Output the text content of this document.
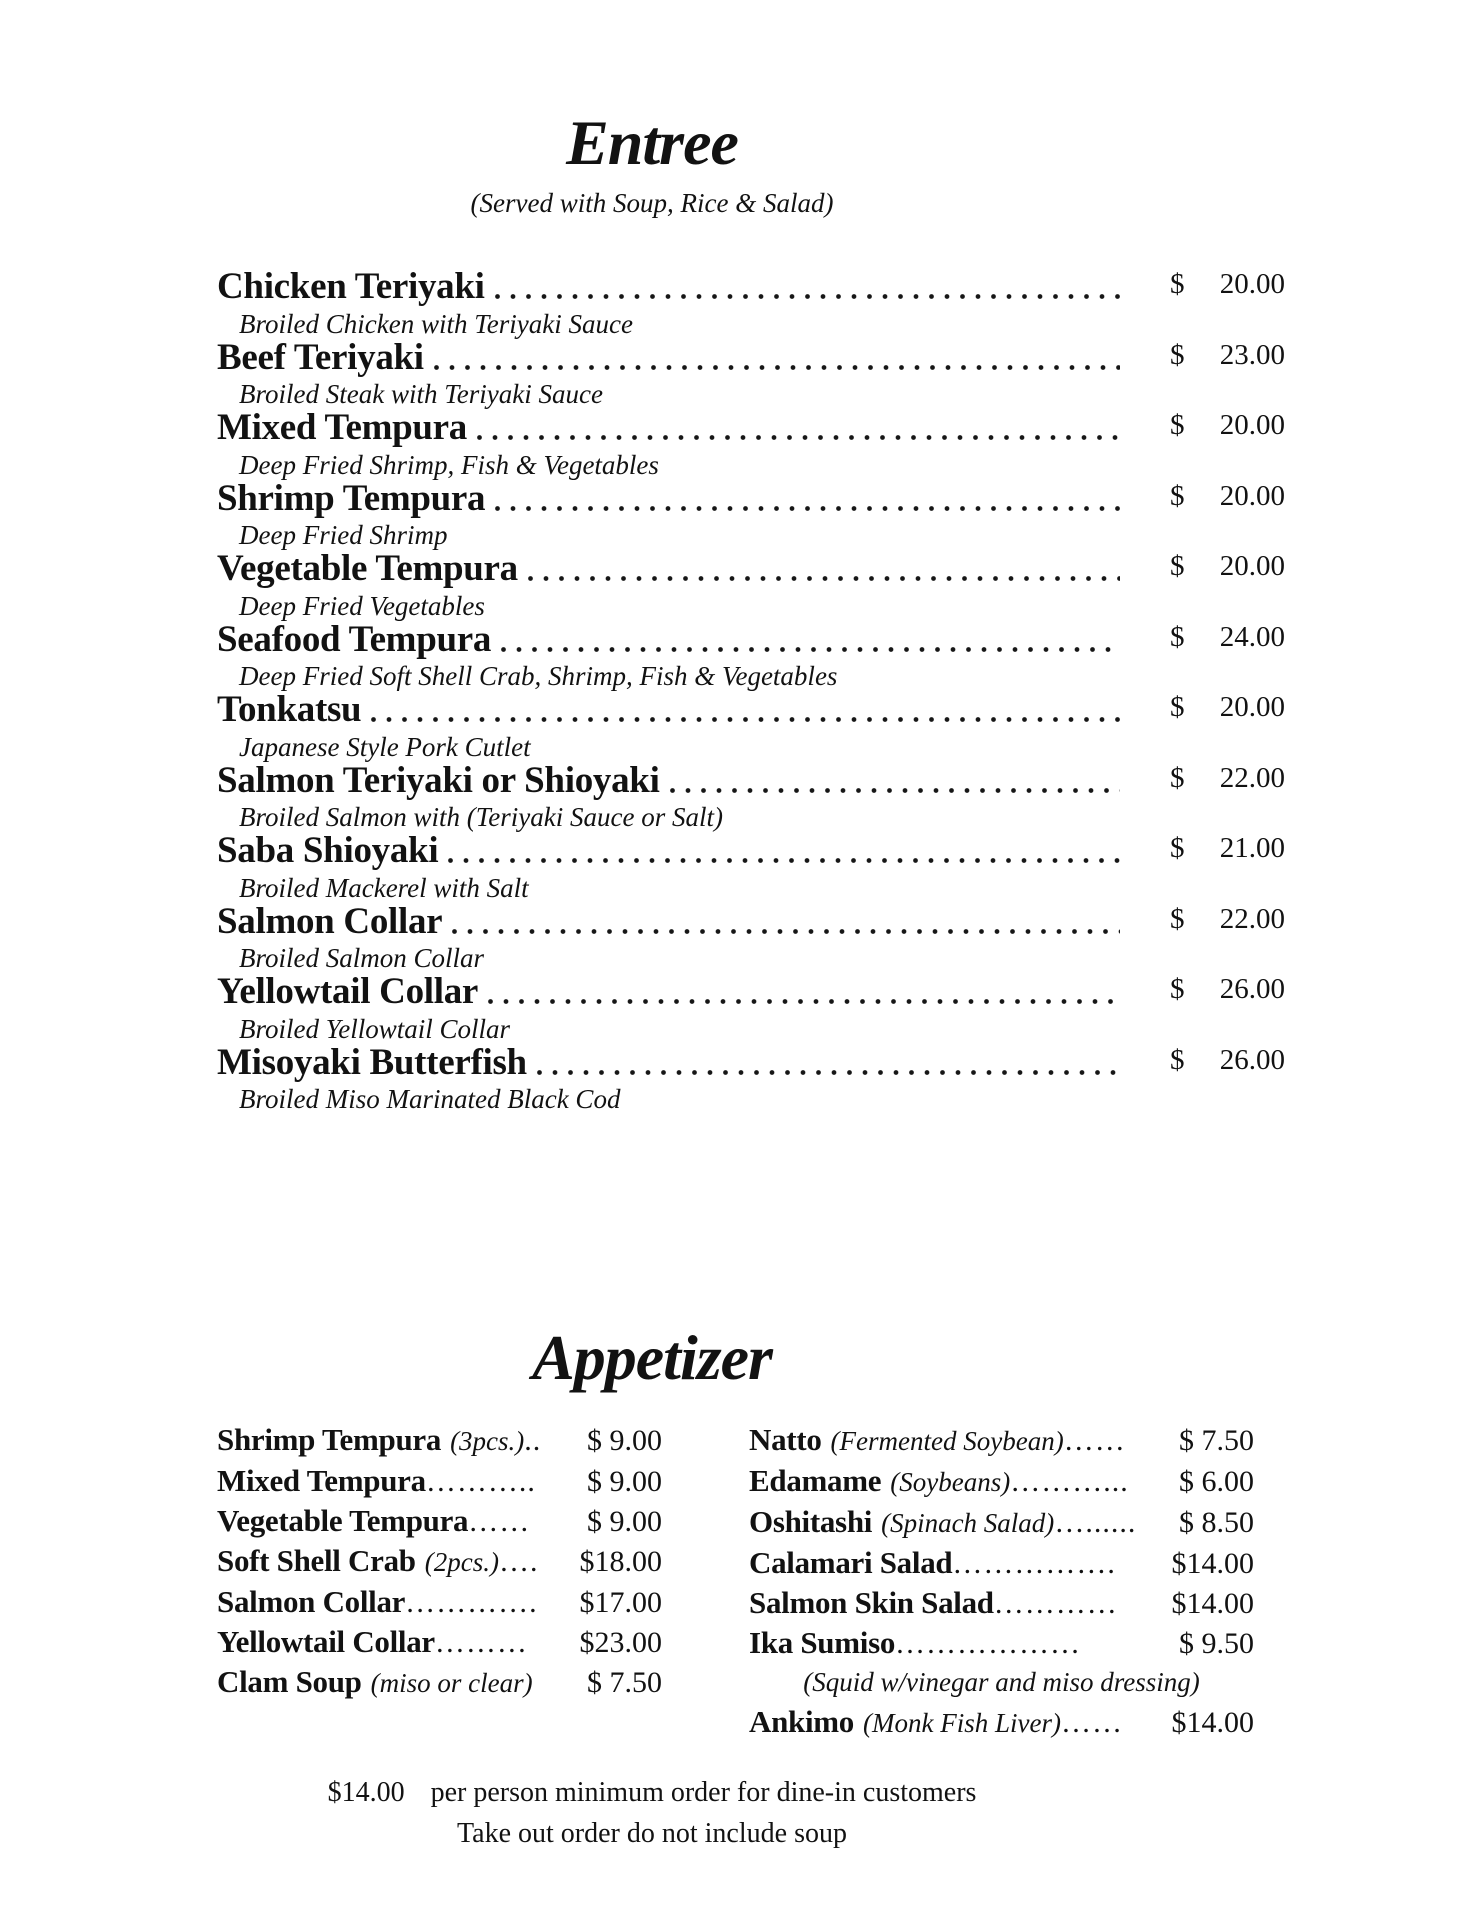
Entree
(Served with Soup, Rice & Salad)
Chicken Teriyaki	$ 20.00
Broiled Chicken with Teriyaki Sauce
Beef Teriyaki	$ 23.00
Broiled Steak with Teriyaki Sauce
Mixed Tempura	$ 20.00
Deep Fried Shrimp, Fish & Vegetables
Shrimp Tempura	$ 20.00
Deep Fried Shrimp
Vegetable Tempura	$ 20.00
Deep Fried Vegetables
Seafood Tempura	$ 24.00
Deep Fried Soft Shell Crab, Shrimp, Fish & Vegetables
Tonkatsu	$ 20.00
Japanese Style Pork Cutlet
Salmon Teriyaki or Shioyaki	$ 22.00
Broiled Salmon with (Teriyaki Sauce or Salt)
Saba Shioyaki	$ 21.00
Broiled Mackerel with Salt
Salmon Collar	$ 22.00
Broiled Salmon Collar
Yellowtail Collar	$ 26.00
Broiled Yellowtail Collar
Misoyaki Butterfish	$ 26.00
Broiled Miso Marinated Black Cod
Appetizer
Shrimp Tempura (3pcs.) .. $ 9.00
Mixed Tempura ……….. $ 9.00
Vegetable Tempura …… $ 9.00
Soft Shell Crab (2pcs.) …. $18.00
Salmon Collar …………. $17.00
Yellowtail Collar ……… $23.00
Clam Soup (miso or clear) $ 7.50
Natto (Fermented Soybean) …… $ 7.50
Edamame (Soybeans) ………... $ 6.00
Oshitashi (Spinach Salad) …...... $ 8.50
Calamari Salad ……………. $14.00
Salmon Skin Salad ………… $14.00
Ika Sumiso ………………	$ 9.50
(Squid w/vinegar and miso dressing)
Ankimo (Monk Fish Liver) …… $14.00
$14.00 per person minimum order for dine-in customers
Take out order do not include soup
